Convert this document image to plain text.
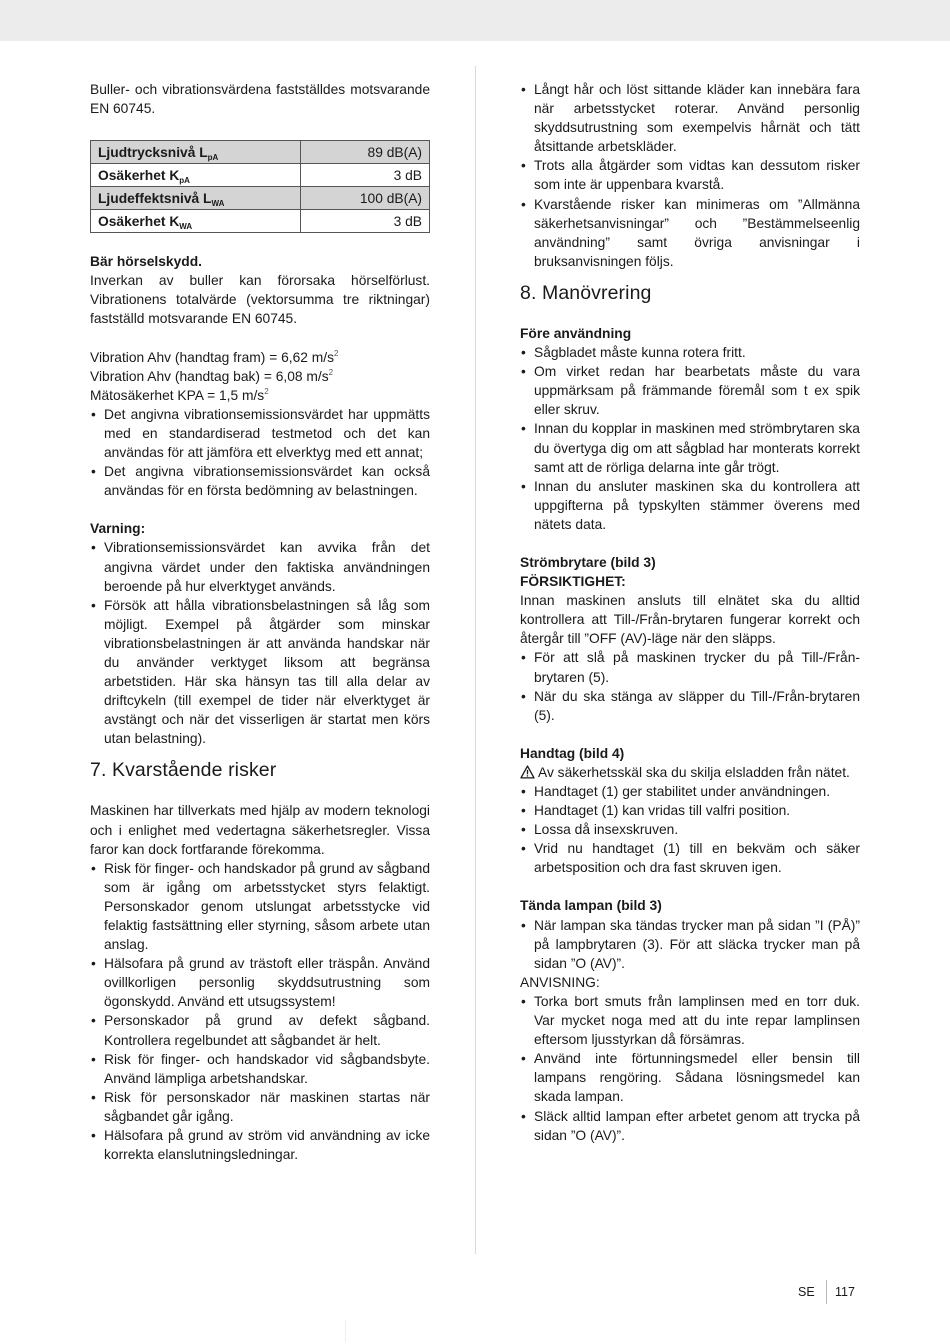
Buller- och vibrationsvärdena fastställdes motsvarande EN 60745.

Ljudtrycksnivå $L_{pA}$	89 dB(A)
Osäkerhet $K_{pA}$	3 dB
Ljudeffektsnivå $L_{WA}$	100 dB(A)
Osäkerhet $K_{WA}$	3 dB

Bär hörselskydd.

Inverkan av buller kan förorsaka hörselförlust. Vibrationens totalvärde (vektorsumma tre riktningar) fastställd motsvarande EN 60745.

Vibration Ahv (handtag fram) = 6,62 $m/s^2$

Vibration Ahv (handtag bak) = 6,08 $m/s^2$

Mätosäkerhet KPA = 1,5 $m/s^2$

• Det angivna vibrationsemissionsvärdet har uppmätts med en standardiserad testmetod och det kan användas för att jämföra ett elverktyg med ett annat;
• Det angivna vibrationsemissionsvärdet kan också användas för en första bedömning av belastningen.

Varning:

• Vibrationsemissionsvärdet kan avvika från det angivna värdet under den faktiska användningen beroende på hur elverktyget används.
• Försök att hålla vibrationsbelastningen så låg som möjligt. Exempel på åtgärder som minskar vibrationsbelastningen är att använda handskar när du använder verktyget liksom att begränsa arbetstiden. Här ska hänsyn tas till alla delar av driftcykeln (till exempel de tider när elverktyget är avstängt och när det visserligen är startat men körs utan belastning).
7. Kvarstående risker

Maskinen har tillverkats med hjälp av modern teknologi och i enlighet med vedertagna säkerhetsregler. Vissa faror kan dock fortfarande förekomma.

• Risk för finger- och handskador på grund av sågband som är igång om arbetsstycket styrs felaktigt. Personskador genom utslungat arbetsstycke vid felaktig fastsättning eller styrning, såsom arbete utan anslag.
• Hälsofara på grund av trästoft eller träspån. Använd ovillkorligen personlig skyddsutrustning som ögonskydd. Använd ett utsugssystem!
• Personskador på grund av defekt sågband. Kontrollera regelbundet att sågbandet är helt.
• Risk för finger- och handskador vid sågbandsbyte. Använd lämpliga arbetshandskar.
• Risk för personskador när maskinen startas när sågbandet går igång.
• Hälsofara på grund av ström vid användning av icke korrekta elanslutningsledningar.
• Långt hår och löst sittande kläder kan innebära fara när arbetsstycket roterar. Använd personlig skyddsutrustning som exempelvis hårnät och tätt åtsittande arbetskläder.
• Trots alla åtgärder som vidtas kan dessutom risker som inte är uppenbara kvarstå.
• Kvarstående risker kan minimeras om ”Allmänna säkerhetsanvisningar” och ”Bestämmelseenlig användning” samt övriga anvisningar i bruksanvisningen följs.
8. Manövrering

Före användning

• Sågbladet måste kunna rotera fritt.
• Om virket redan har bearbetats måste du vara uppmärksam på främmande föremål som t ex spik eller skruv.
• Innan du kopplar in maskinen med strömbrytaren ska du övertyga dig om att sågblad har monterats korrekt samt att de rörliga delarna inte går trögt.
• Innan du ansluter maskinen ska du kontrollera att uppgifterna på typskylten stämmer överens med nätets data.

Strömbrytare (bild 3)

FÖRSIKTIGHET:

Innan maskinen ansluts till elnätet ska du alltid kontrollera att Till-/Från-brytaren fungerar korrekt och återgår till ”OFF (AV)-läge när den släpps.

• För att slå på maskinen trycker du på Till-/Från-brytaren (5).
• När du ska stänga av släpper du Till-/Från-brytaren (5).

Handtag (bild 4)

Av säkerhetsskäl ska du skilja elsladden från nätet.

• Handtaget (1) ger stabilitet under användningen.
• Handtaget (1) kan vridas till valfri position.
• Lossa då insexskruven.
• Vrid nu handtaget (1) till en bekväm och säker arbetsposition och dra fast skruven igen.

Tända lampan (bild 3)

• När lampan ska tändas trycker man på sidan ”I (PÅ)” på lampbrytaren (3). För att släcka trycker man på sidan ”O (AV)”.

ANVISNING:

• Torka bort smuts från lamplinsen med en torr duk. Var mycket noga med att du inte repar lamplinsen eftersom ljusstyrkan då försämras.
• Använd inte förtunningsmedel eller bensin till lampans rengöring. Sådana lösningsmedel kan skada lampan.
• Släck alltid lampan efter arbetet genom att trycka på sidan ”O (AV)”.
SE 117
